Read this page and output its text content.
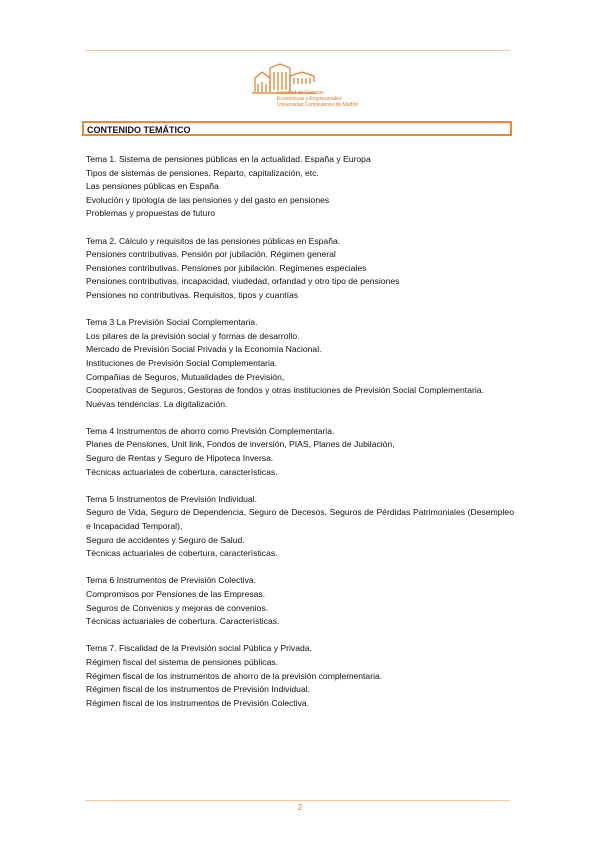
Facultad de Ciencias
Económicas y Empresariales
Universidad Complutense de Madrid
CONTENIDO TEMÁTICO
Tema 1. Sistema de pensiones públicas en la actualidad. España y Europa
Tipos de sistemas de pensiones. Reparto, capitalización, etc.
Las pensiones públicas en España
Evolución y tipología de las pensiones y del gasto en pensiones
Problemas y propuestas de futuro
Tema 2. Cálculo y requisitos de las pensiones públicas en España.
Pensiones contributivas. Pensión por jubilación. Régimen general
Pensiones contributivas. Pensiones por jubilación. Regímenes especiales
Pensiones contributivas, incapacidad, viudedad, orfandad y otro tipo de pensiones
Pensiones no contributivas. Requisitos, tipos y cuantías
Tema 3 La Previsión Social Complementaria.
Los pilares de la previsión social y formas de desarrollo.
Mercado de Previsión Social Privada y la Economía Nacional.
Instituciones de Previsión Social Complementaria.
Compañías de Seguros, Mutualidades de Previsión,
Cooperativas de Seguros, Gestoras de fondos y otras instituciones de Previsión Social Complementaria.
Nuevas tendencias. La digitalización.
Tema 4 Instrumentos de ahorro como Previsión Complementaria.
Planes de Pensiones, Unit link, Fondos de inversión, PIAS, Planes de Jubilación,
Seguro de Rentas y Seguro de Hipoteca Inversa.
Técnicas actuariales de cobertura, características.
Tema 5 Instrumentos de Previsión Individual.
Seguro de Vida, Seguro de Dependencia, Seguro de Decesos, Seguros de Pérdidas Patrimoniales (Desempleo e Incapacidad Temporal),
Seguro de accidentes y Seguro de Salud.
Técnicas actuariales de cobertura, características.
Tema 6 Instrumentos de Previsión Colectiva.
Compromisos por Pensiones de las Empresas.
Seguros de Convenios y mejoras de convenios.
Técnicas actuariales de cobertura. Características.
Tema 7. Fiscalidad de la Previsión social Pública y Privada.
Régimen fiscal del sistema de pensiones públicas.
Régimen fiscal de los instrumentos de ahorro de la previsión complementaria.
Régimen fiscal de los instrumentos de Previsión Individual.
Régimen fiscal de los instrumentos de Previsión Colectiva.
2
